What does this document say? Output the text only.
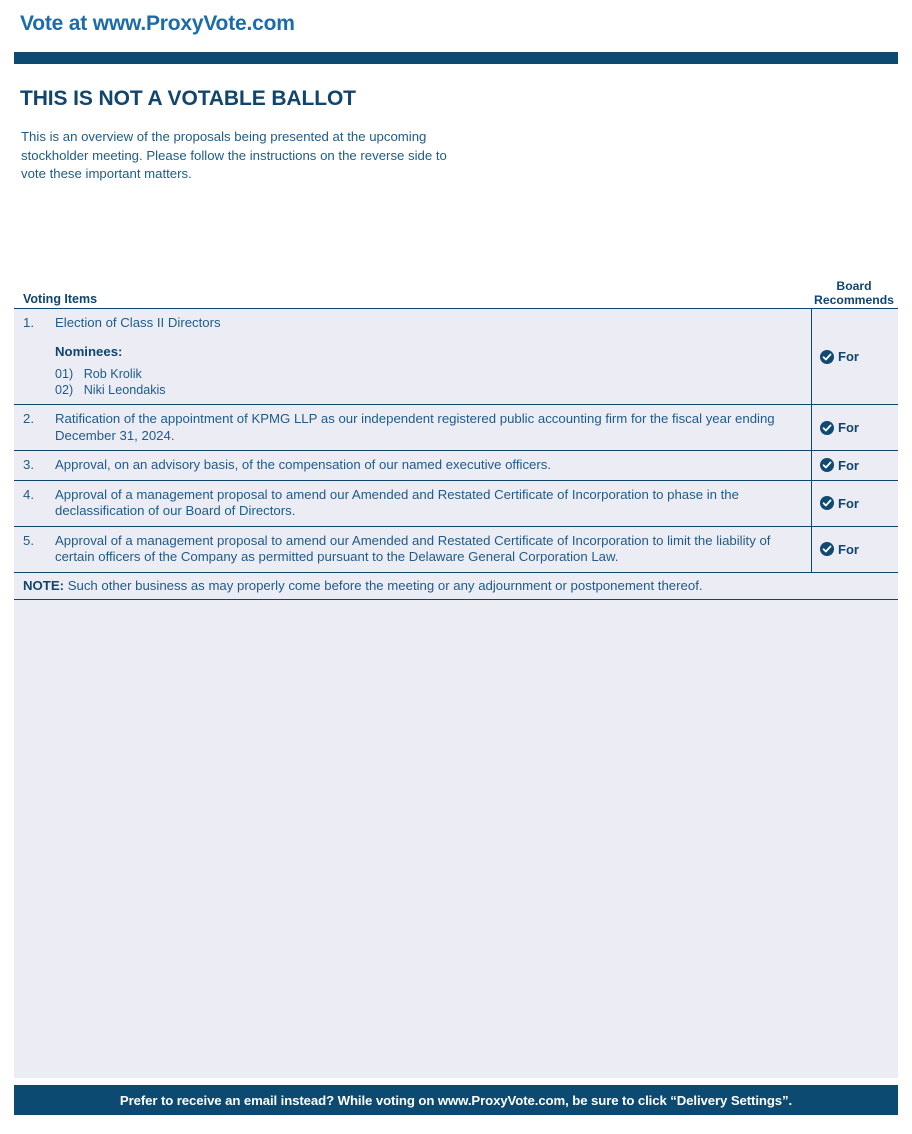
Vote at www.ProxyVote.com
THIS IS NOT A VOTABLE BALLOT
This is an overview of the proposals being presented at the upcoming stockholder meeting. Please follow the instructions on the reverse side to vote these important matters.
Voting Items
Board Recommends
1.	Election of Class II Directors
Nominees:
01)   Rob Krolik
02)   Niki Leondakis
For
2.	Ratification of the appointment of KPMG LLP as our independent registered public accounting firm for the fiscal year ending December 31, 2024.	For
3.	Approval, on an advisory basis, of the compensation of our named executive officers.	For
4.	Approval of a management proposal to amend our Amended and Restated Certificate of Incorporation to phase in the declassification of our Board of Directors.	For
5.	Approval of a management proposal to amend our Amended and Restated Certificate of Incorporation to limit the liability of certain officers of the Company as permitted pursuant to the Delaware General Corporation Law.	For
NOTE: Such other business as may properly come before the meeting or any adjournment or postponement thereof.
Prefer to receive an email instead? While voting on www.ProxyVote.com, be sure to click “Delivery Settings”.
